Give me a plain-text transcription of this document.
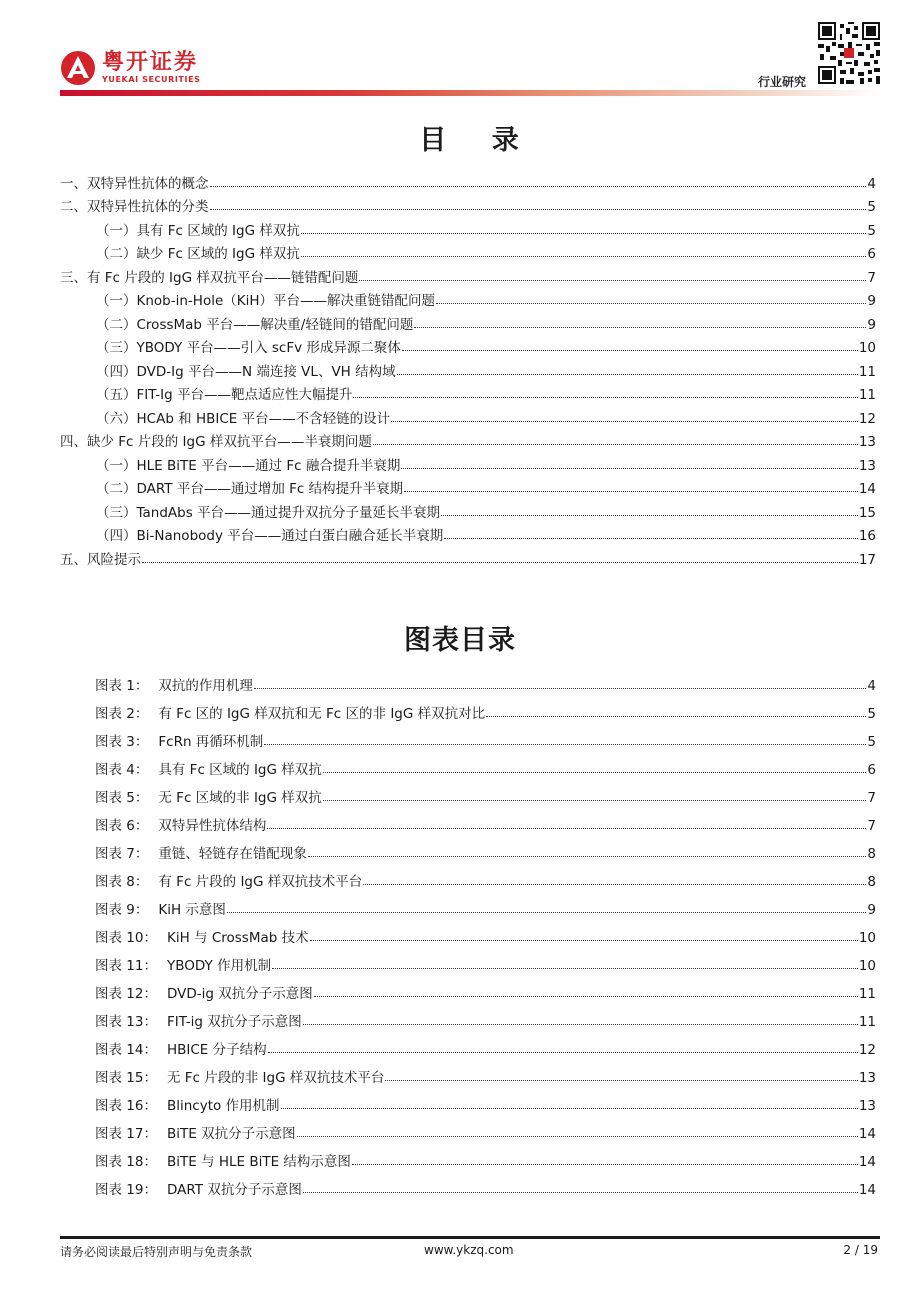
粤开证券
YUEKAI SECURITIES	行业研究
目 录
一、双特异性抗体的概念	4
二、双特异性抗体的分类	5
（一）具有 Fc 区域的 IgG 样双抗	5
（二）缺少 Fc 区域的 IgG 样双抗	6
三、有 Fc 片段的 IgG 样双抗平台——链错配问题	7
（一）Knob-in-Hole（KiH）平台——解决重链错配问题	9
（二）CrossMab 平台——解决重/轻链间的错配问题	9
（三）YBODY 平台——引入 scFv 形成异源二聚体	10
（四）DVD-Ig 平台——N 端连接 VL、VH 结构域	11
（五）FIT-Ig 平台——靶点适应性大幅提升	11
（六）HCAb 和 HBICE 平台——不含轻链的设计	12
四、缺少 Fc 片段的 IgG 样双抗平台——半衰期问题	13
（一）HLE BiTE 平台——通过 Fc 融合提升半衰期	13
（二）DART 平台——通过增加 Fc 结构提升半衰期	14
（三）TandAbs 平台——通过提升双抗分子量延长半衰期	15
（四）Bi-Nanobody 平台——通过白蛋白融合延长半衰期	16
五、风险提示	17
图表目录
图表 1： 双抗的作用机理	4
图表 2： 有 Fc 区的 IgG 样双抗和无 Fc 区的非 IgG 样双抗对比	5
图表 3： FcRn 再循环机制	5
图表 4： 具有 Fc 区域的 IgG 样双抗	6
图表 5： 无 Fc 区域的非 IgG 样双抗	7
图表 6： 双特异性抗体结构	7
图表 7： 重链、轻链存在错配现象	8
图表 8： 有 Fc 片段的 IgG 样双抗技术平台	8
图表 9： KiH 示意图	9
图表 10： KiH 与 CrossMab 技术	10
图表 11： YBODY 作用机制	10
图表 12： DVD-ig 双抗分子示意图	11
图表 13： FIT-ig 双抗分子示意图	11
图表 14： HBICE 分子结构	12
图表 15： 无 Fc 片段的非 IgG 样双抗技术平台	13
图表 16： Blincyto 作用机制	13
图表 17： BiTE 双抗分子示意图	14
图表 18： BiTE 与 HLE BiTE 结构示意图	14
图表 19： DART 双抗分子示意图	14
请务必阅读最后特别声明与免责条款	www.ykzq.com	2 / 19
